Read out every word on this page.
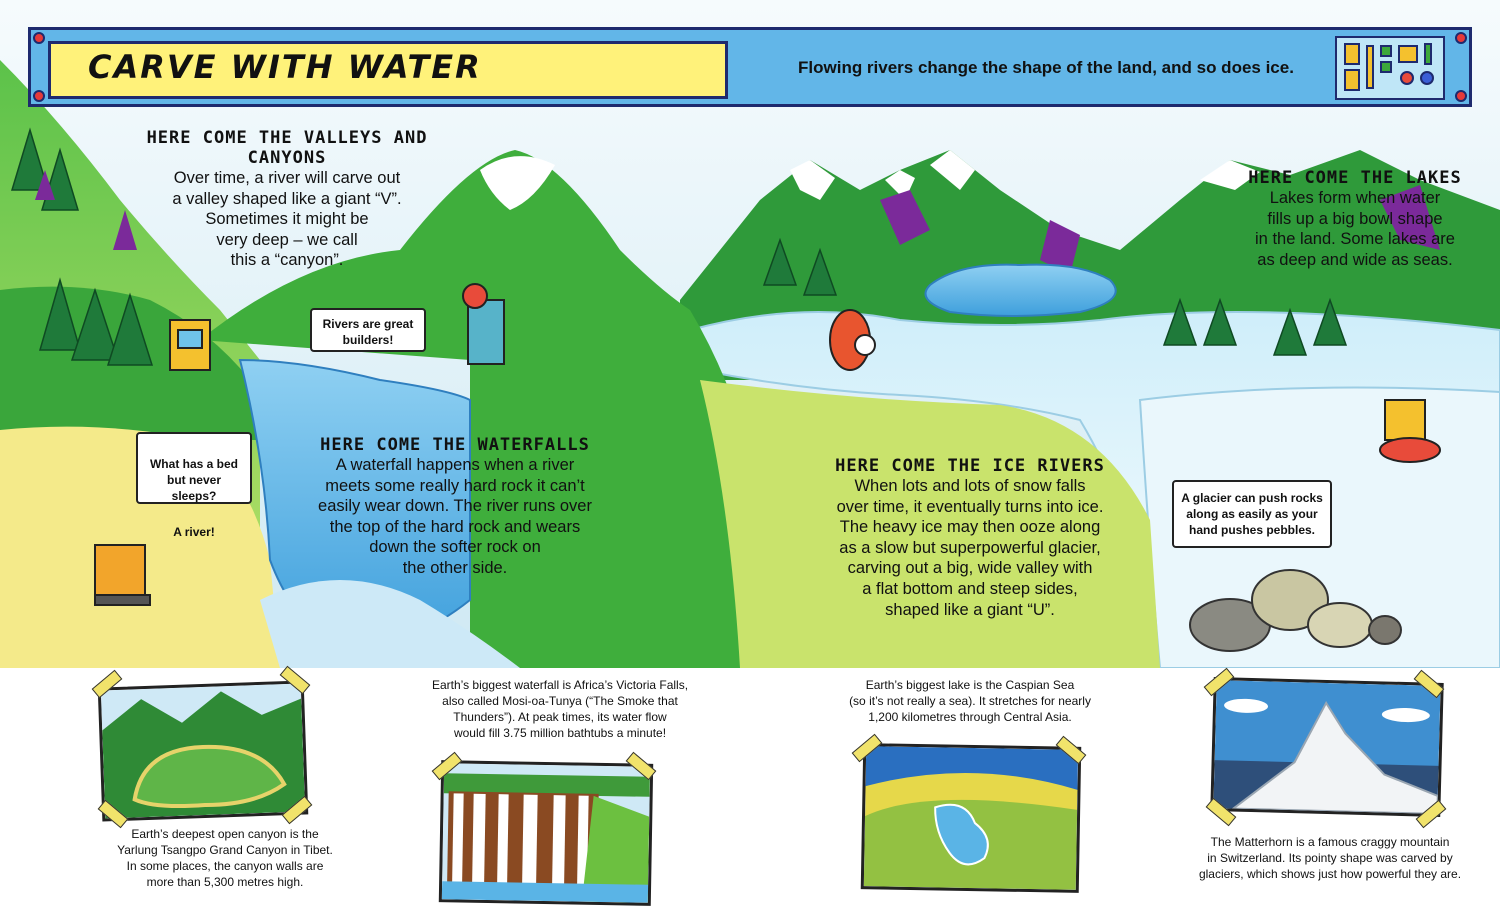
CARVE WITH WATER	Flowing rivers change the shape of the land, and so does ice.
HERE COME THE VALLEYS AND CANYONS
Over time, a river will carve out
a valley shaped like a giant “V”.
Sometimes it might be
very deep – we call
this a “canyon”.
HERE COME THE WATERFALLS
A waterfall happens when a river
meets some really hard rock it can’t
easily wear down. The river runs over
the top of the hard rock and wears
down the softer rock on
the other side.
HERE COME THE ICE RIVERS
When lots and lots of snow falls
over time, it eventually turns into ice.
The heavy ice may then ooze along
as a slow but superpowerful glacier,
carving out a big, wide valley with
a flat bottom and steep sides,
shaped like a giant “U”.
HERE COME THE LAKES
Lakes form when water
fills up a big bowl shape
in the land. Some lakes are
as deep and wide as seas.
Rivers are great
builders!

What has a bed
but never sleeps?

A river!

A glacier can push rocks
along as easily as your
hand pushes pebbles.
Earth’s deepest open canyon is the
Yarlung Tsangpo Grand Canyon in Tibet.
In some places, the canyon walls are
more than 5,300 metres high.
Earth’s biggest waterfall is Africa’s Victoria Falls,
also called Mosi-oa-Tunya (“The Smoke that
Thunders”). At peak times, its water flow
would fill 3.75 million bathtubs a minute!
Earth’s biggest lake is the Caspian Sea
(so it’s not really a sea). It stretches for nearly
1,200 kilometres through Central Asia.
The Matterhorn is a famous craggy mountain
in Switzerland. Its pointy shape was carved by
glaciers, which shows just how powerful they are.
